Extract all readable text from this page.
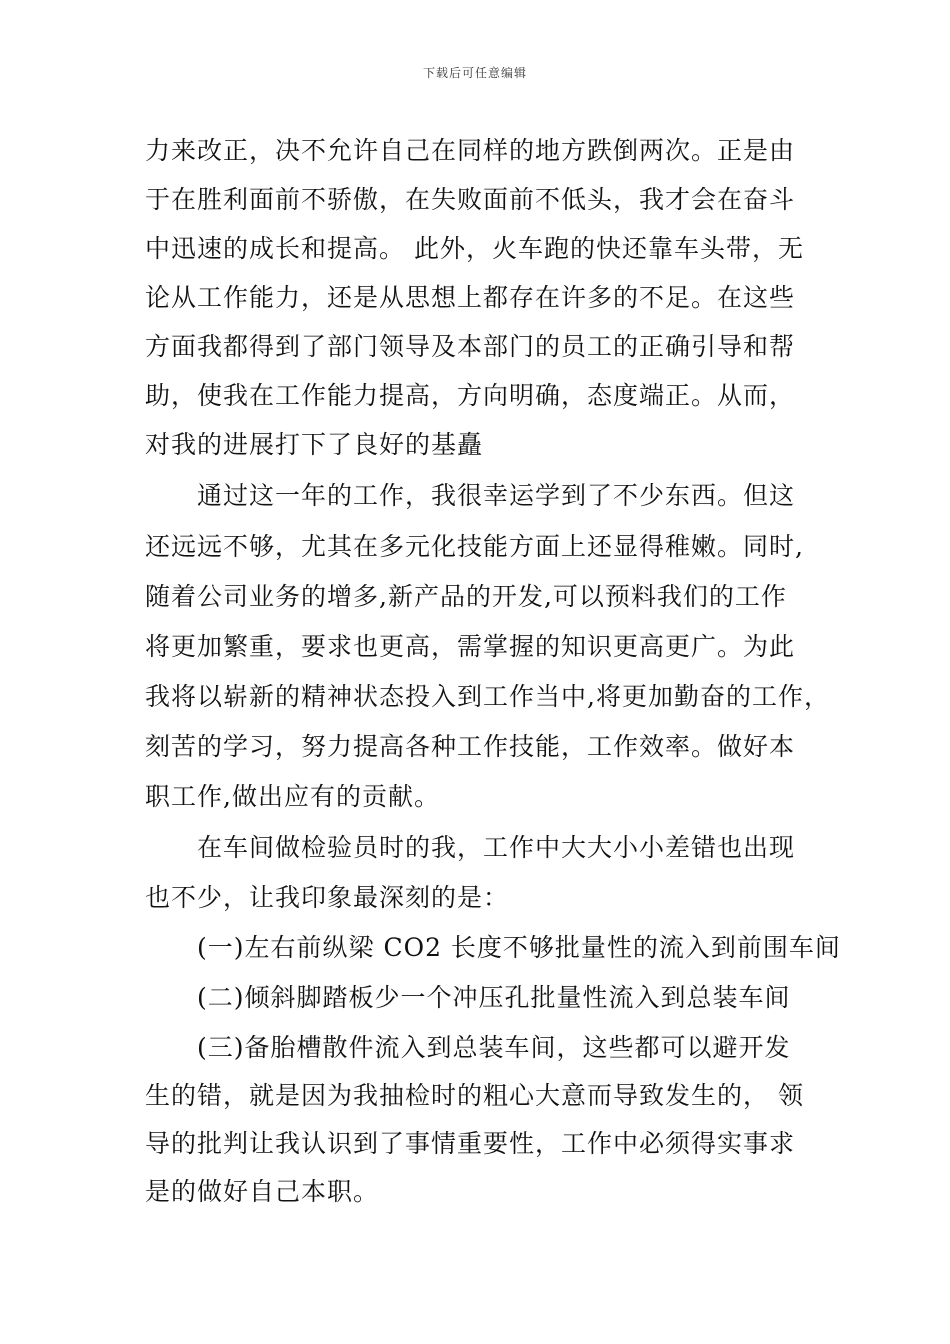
下载后可任意编辑
力来改正，决不允许自己在同样的地方跌倒两次。正是由
于在胜利面前不骄傲，在失败面前不低头，我才会在奋斗
中迅速的成长和提高。 此外，火车跑的快还靠车头带，无
论从工作能力，还是从思想上都存在许多的不足。在这些
方面我都得到了部门领导及本部门的员工的正确引导和帮
助，使我在工作能力提高，方向明确，态度端正。从而，
对我的进展打下了良好的基矗
通过这一年的工作，我很幸运学到了不少东西。但这
还远远不够，尤其在多元化技能方面上还显得稚嫩。同时,
随着公司业务的增多,新产品的开发,可以预料我们的工作
将更加繁重，要求也更高，需掌握的知识更高更广。为此
我将以崭新的精神状态投入到工作当中,将更加勤奋的工作，
刻苦的学习，努力提高各种工作技能，工作效率。做好本
职工作,做出应有的贡献。
在车间做检验员时的我，工作中大大小小差错也出现
也不少，让我印象最深刻的是：
(一)左右前纵梁 CO2 长度不够批量性的流入到前围车间
(二)倾斜脚踏板少一个冲压孔批量性流入到总装车间
(三)备胎槽散件流入到总装车间，这些都可以避开发
生的错，就是因为我抽检时的粗心大意而导致发生的， 领
导的批判让我认识到了事情重要性，工作中必须得实事求
是的做好自己本职。
